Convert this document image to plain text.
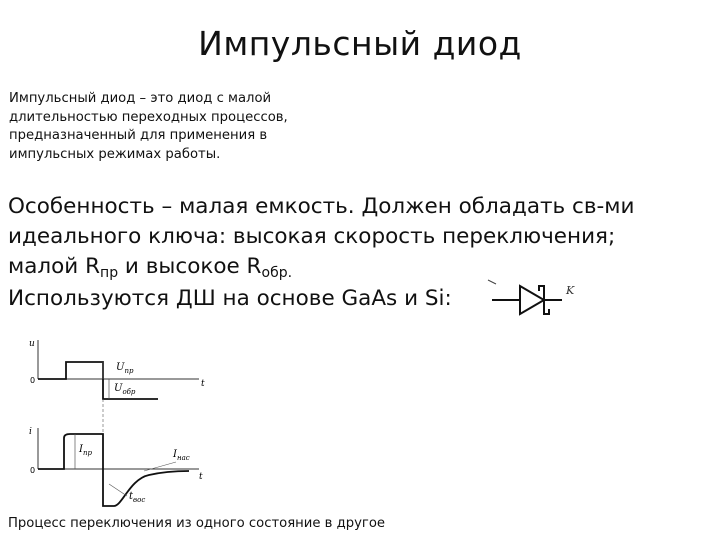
Импульсный диод
Импульсный диод – это диод с малой длительностью переходных процессов, предназначенный для применения в импульсных режимах работы.
Особенность – малая емкость. Должен обладать св-ми идеального ключа: высокая скорость переключения;
малой Rпр и высокое Rобр.
Используются ДШ на основе GaAs и Si:	K
u
t
0
$U_{пр}$
$U_{обр}$
i
t
0
$I_{пр}$	$I_{нас}$
$t_{вос}$
Процесс переключения из одного состояние в другое
